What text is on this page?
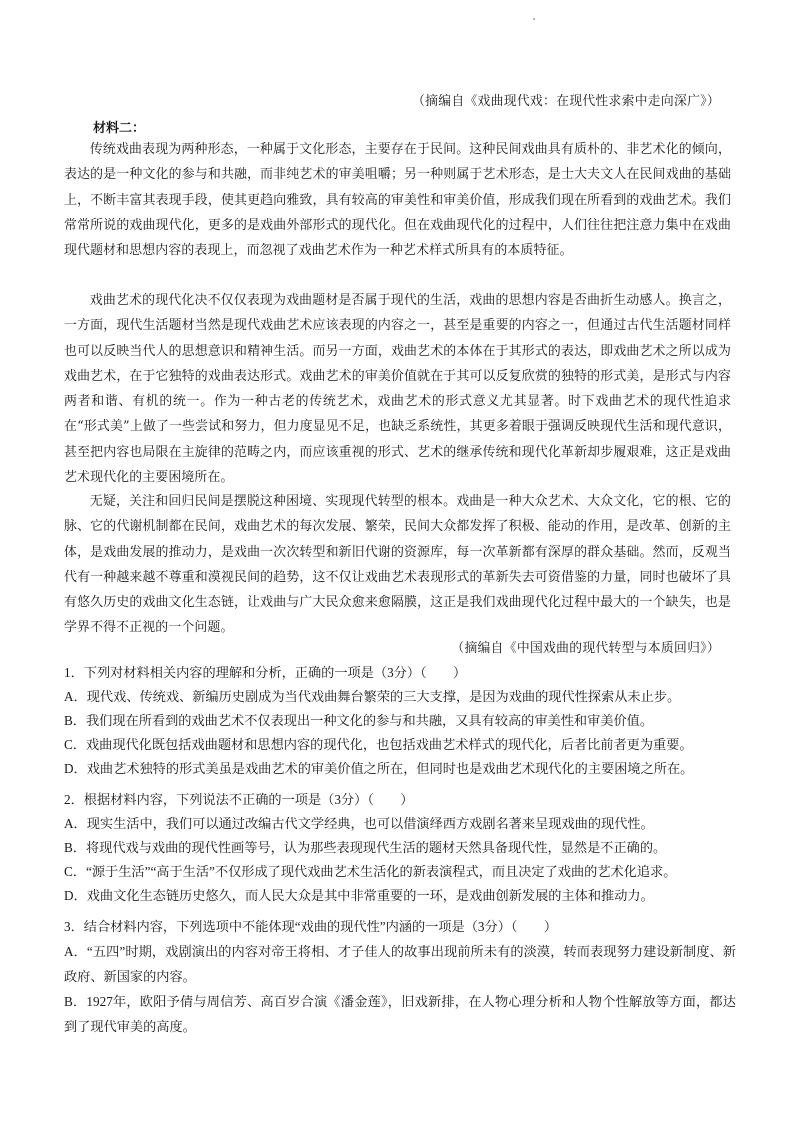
（摘编自《戏曲现代戏：在现代性求索中走向深广》）
材料二：

传统戏曲表现为两种形态，一种属于文化形态，主要存在于民间。这种民间戏曲具有质朴的、非艺术化的倾向，表达的是一种文化的参与和共融，而非纯艺术的审美咀嚼；另一种则属于艺术形态，是士大夫文人在民间戏曲的基础上，不断丰富其表现手段，使其更趋向雅致，具有较高的审美性和审美价值，形成我们现在所看到的戏曲艺术。我们常常所说的戏曲现代化，更多的是戏曲外部形式的现代化。但在戏曲现代化的过程中，人们往往把注意力集中在戏曲现代题材和思想内容的表现上，而忽视了戏曲艺术作为一种艺术样式所具有的本质特征。

戏曲艺术的现代化决不仅仅表现为戏曲题材是否属于现代的生活，戏曲的思想内容是否曲折生动感人。换言之，一方面，现代生活题材当然是现代戏曲艺术应该表现的内容之一，甚至是重要的内容之一，但通过古代生活题材同样也可以反映当代人的思想意识和精神生活。而另一方面，戏曲艺术的本体在于其形式的表达，即戏曲艺术之所以成为戏曲艺术，在于它独特的戏曲表达形式。戏曲艺术的审美价值就在于其可以反复欣赏的独特的形式美，是形式与内容两者和谐、有机的统一。作为一种古老的传统艺术，戏曲艺术的形式意义尤其显著。时下戏曲艺术的现代性追求在“形式美”上做了一些尝试和努力，但力度显见不足，也缺乏系统性，其更多着眼于强调反映现代生活和现代意识，甚至把内容也局限在主旋律的范畴之内，而应该重视的形式、艺术的继承传统和现代化革新却步履艰难，这正是戏曲艺术现代化的主要困境所在。

无疑，关注和回归民间是摆脱这种困境、实现现代转型的根本。戏曲是一种大众艺术、大众文化，它的根、它的脉、它的代谢机制都在民间，戏曲艺术的每次发展、繁荣，民间大众都发挥了积极、能动的作用，是改革、创新的主体，是戏曲发展的推动力，是戏曲一次次转型和新旧代谢的资源库，每一次革新都有深厚的群众基础。然而，反观当代有一种越来越不尊重和漠视民间的趋势，这不仅让戏曲艺术表现形式的革新失去可资借鉴的力量，同时也破坏了具有悠久历史的戏曲文化生态链，让戏曲与广大民众愈来愈隔膜，这正是我们戏曲现代化过程中最大的一个缺失，也是学界不得不正视的一个问题。

（摘编自《中国戏曲的现代转型与本质回归》）
1．下列对材料相关内容的理解和分析，正确的一项是（3分）（　　）
A．现代戏、传统戏、新编历史剧成为当代戏曲舞台繁荣的三大支撑，是因为戏曲的现代性探索从未止步。
B．我们现在所看到的戏曲艺术不仅表现出一种文化的参与和共融，又具有较高的审美性和审美价值。
C．戏曲现代化既包括戏曲题材和思想内容的现代化，也包括戏曲艺术样式的现代化，后者比前者更为重要。
D．戏曲艺术独特的形式美虽是戏曲艺术的审美价值之所在，但同时也是戏曲艺术现代化的主要困境之所在。
2．根据材料内容，下列说法不正确的一项是（3分）（　　）
A．现实生活中，我们可以通过改编古代文学经典，也可以借演绎西方戏剧名著来呈现戏曲的现代性。
B．将现代戏与戏曲的现代性画等号，认为那些表现现代生活的题材天然具备现代性，显然是不正确的。
C．“源于生活”“高于生活”不仅形成了现代戏曲艺术生活化的新表演程式，而且决定了戏曲的艺术化追求。
D．戏曲文化生态链历史悠久，而人民大众是其中非常重要的一环，是戏曲创新发展的主体和推动力。
3．结合材料内容，下列选项中不能体现“戏曲的现代性”内涵的一项是（3分）（　　）
A．“五四”时期，戏剧演出的内容对帝王将相、才子佳人的故事出现前所未有的淡漠，转而表现努力建设新制度、新政府、新国家的内容。
B．1927年，欧阳予倩与周信芳、高百岁合演《潘金莲》，旧戏新排，在人物心理分析和人物个性解放等方面，都达到了现代审美的高度。
